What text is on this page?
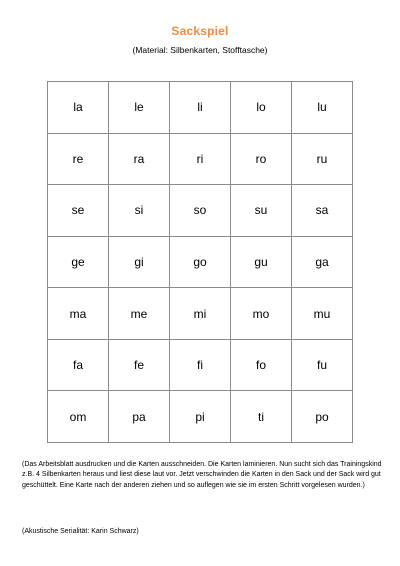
Sackspiel
(Material: Silbenkarten, Stofftasche)
la	le	li	lo	lu
re	ra	ri	ro	ru
se	si	so	su	sa
ge	gi	go	gu	ga
ma	me	mi	mo	mu
fa	fe	fi	fo	fu
om	pa	pi	ti	po
(Das Arbeitsblatt ausdrucken und die Karten ausschneiden. Die Karten laminieren. Nun sucht sich das Trainingskind z.B. 4 Silbenkarten heraus und liest diese laut vor. Jetzt verschwinden die Karten in den Sack und der Sack wird gut geschüttelt. Eine Karte nach der anderen ziehen und so auflegen wie sie im ersten Schritt vorgelesen wurden.)
(Akustische Serialität: Karin Schwarz)
